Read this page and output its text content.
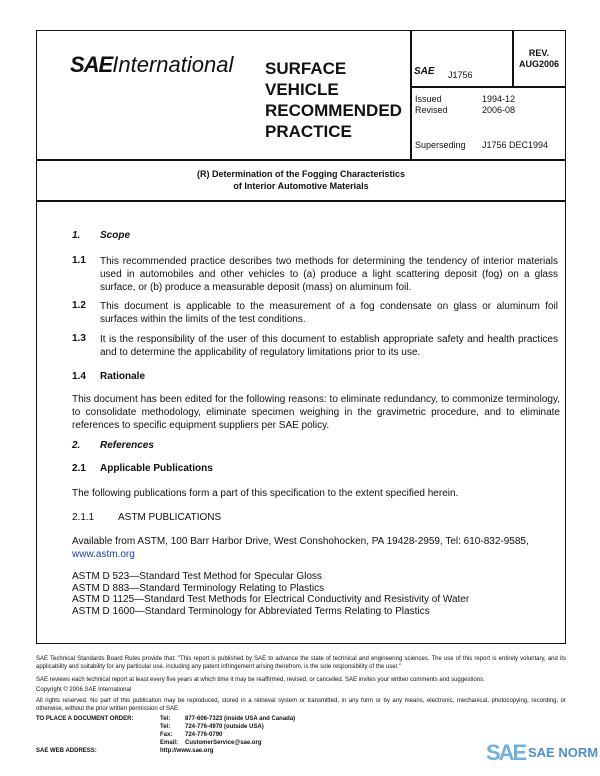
SAEInternational SURFACE
VEHICLE
RECOMMENDED
PRACTICE
SAE J1756
REV.
AUG2006
Issued	1994-12
Revised	2006-08
Superseding J1756 DEC1994
(R) Determination of the Fogging Characteristics
of Interior Automotive Materials
1. Scope
1.1 This recommended practice describes two methods for determining the tendency of interior materials used in automobiles and other vehicles to (a) produce a light scattering deposit (fog) on a glass surface, or (b) produce a measurable deposit (mass) on aluminum foil.
1.2 This document is applicable to the measurement of a fog condensate on glass or aluminum foil surfaces within the limits of the test conditions.
1.3 It is the responsibility of the user of this document to establish appropriate safety and health practices and to determine the applicability of regulatory limitations prior to its use.
1.4 Rationale
This document has been edited for the following reasons: to eliminate redundancy, to commonize terminology, to consolidate methodology, eliminate specimen weighing in the gravimetric procedure, and to eliminate references to specific equipment suppliers per SAE policy.
2. References
2.1 Applicable Publications
The following publications form a part of this specification to the extent specified herein.
2.1.1 ASTM PUBLICATIONS
Available from ASTM, 100 Barr Harbor Drive, West Conshohocken, PA 19428-2959, Tel: 610-832-9585,
www.astm.org
ASTM D 523—Standard Test Method for Specular Gloss
ASTM D 883—Standard Terminology Relating to Plastics
ASTM D 1125—Standard Test Methods for Electrical Conductivity and Resistivity of Water
ASTM D 1600—Standard Terminology for Abbreviated Terms Relating to Plastics
SAE Technical Standards Board Rules provide that: "This report is published by SAE to advance the state of technical and engineering sciences. The use of this report is entirely voluntary, and its applicability and suitability for any particular use, including any patent infringement arising therefrom, is the sole responsibility of the user."
SAE reviews each technical report at least every five years at which time it may be reaffirmed, revised, or cancelled. SAE invites your written comments and suggestions.
Copyright © 2006 SAE International
All rights reserved. No part of this publication may be reproduced, stored in a retrieval system or transmitted, in any form or by any means, electronic, mechanical, photocopying, recording, or otherwise, without the prior written permission of SAE.
TO PLACE A DOCUMENT ORDER:	Tel: 877-606-7323 (inside USA and Canada)
Tel: 724-776-4970 (outside USA)
Fax: 724-776-0790
Email: CustomerService@sae.org
http://www.sae.org
SAE WEB ADDRESS:	SAE SAE NORM
